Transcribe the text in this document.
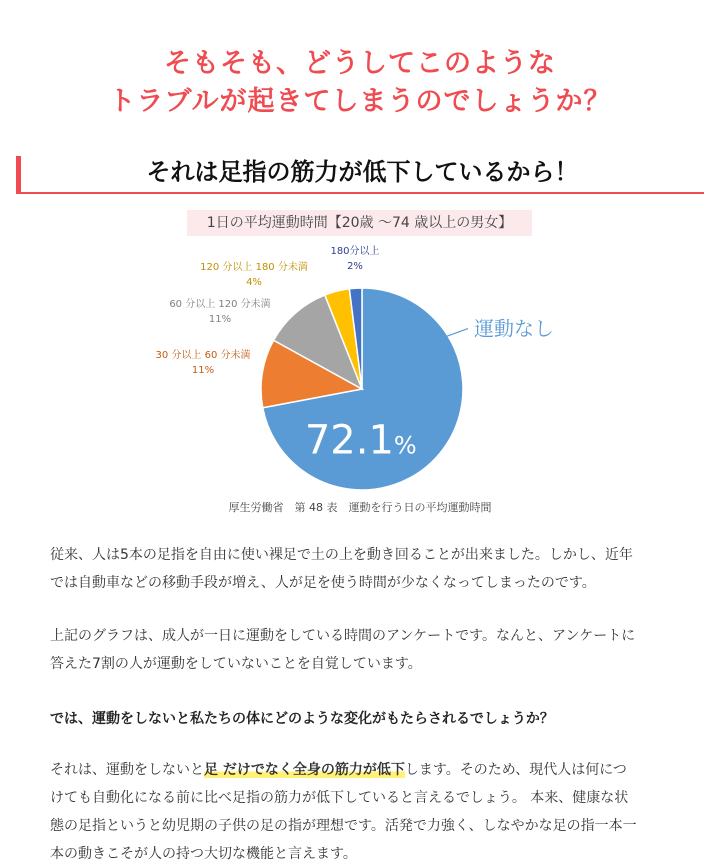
そもそも、どうしてこのような
トラブルが起きてしまうのでしょうか？
それは足指の筋力が低下しているから！
1日の平均運動時間【20歳 ～74 歳以上の男女】
72.1%
運動なし
30 分以上 60 分未満
11%
60 分以上 120 分未満
11%
120 分以上 180 分未満
4%
180分以上
2%
厚生労働省　第 48 表　運動を行う日の平均運動時間
従来、人は5本の足指を自由に使い裸足で土の上を動き回ることが出来ました。しかし、近年
では自動車などの移動手段が増え、人が足を使う時間が少なくなってしまったのです。
上記のグラフは、成人が一日に運動をしている時間のアンケートです。なんと、アンケートに
答えた7割の人が運動をしていないことを自覚しています。
では、運動をしないと私たちの体にどのような変化がもたらされるでしょうか？
それは、運動をしないと足 だけでなく全身の筋力が低下します。そのため、現代人は何につ
けても自動化になる前に比べ足指の筋力が低下していると言えるでしょう。 本来、健康な状
態の足指というと幼児期の子供の足の指が理想です。活発で力強く、しなやかな足の指一本一
本の動きこそが人の持つ大切な機能と言えます。
